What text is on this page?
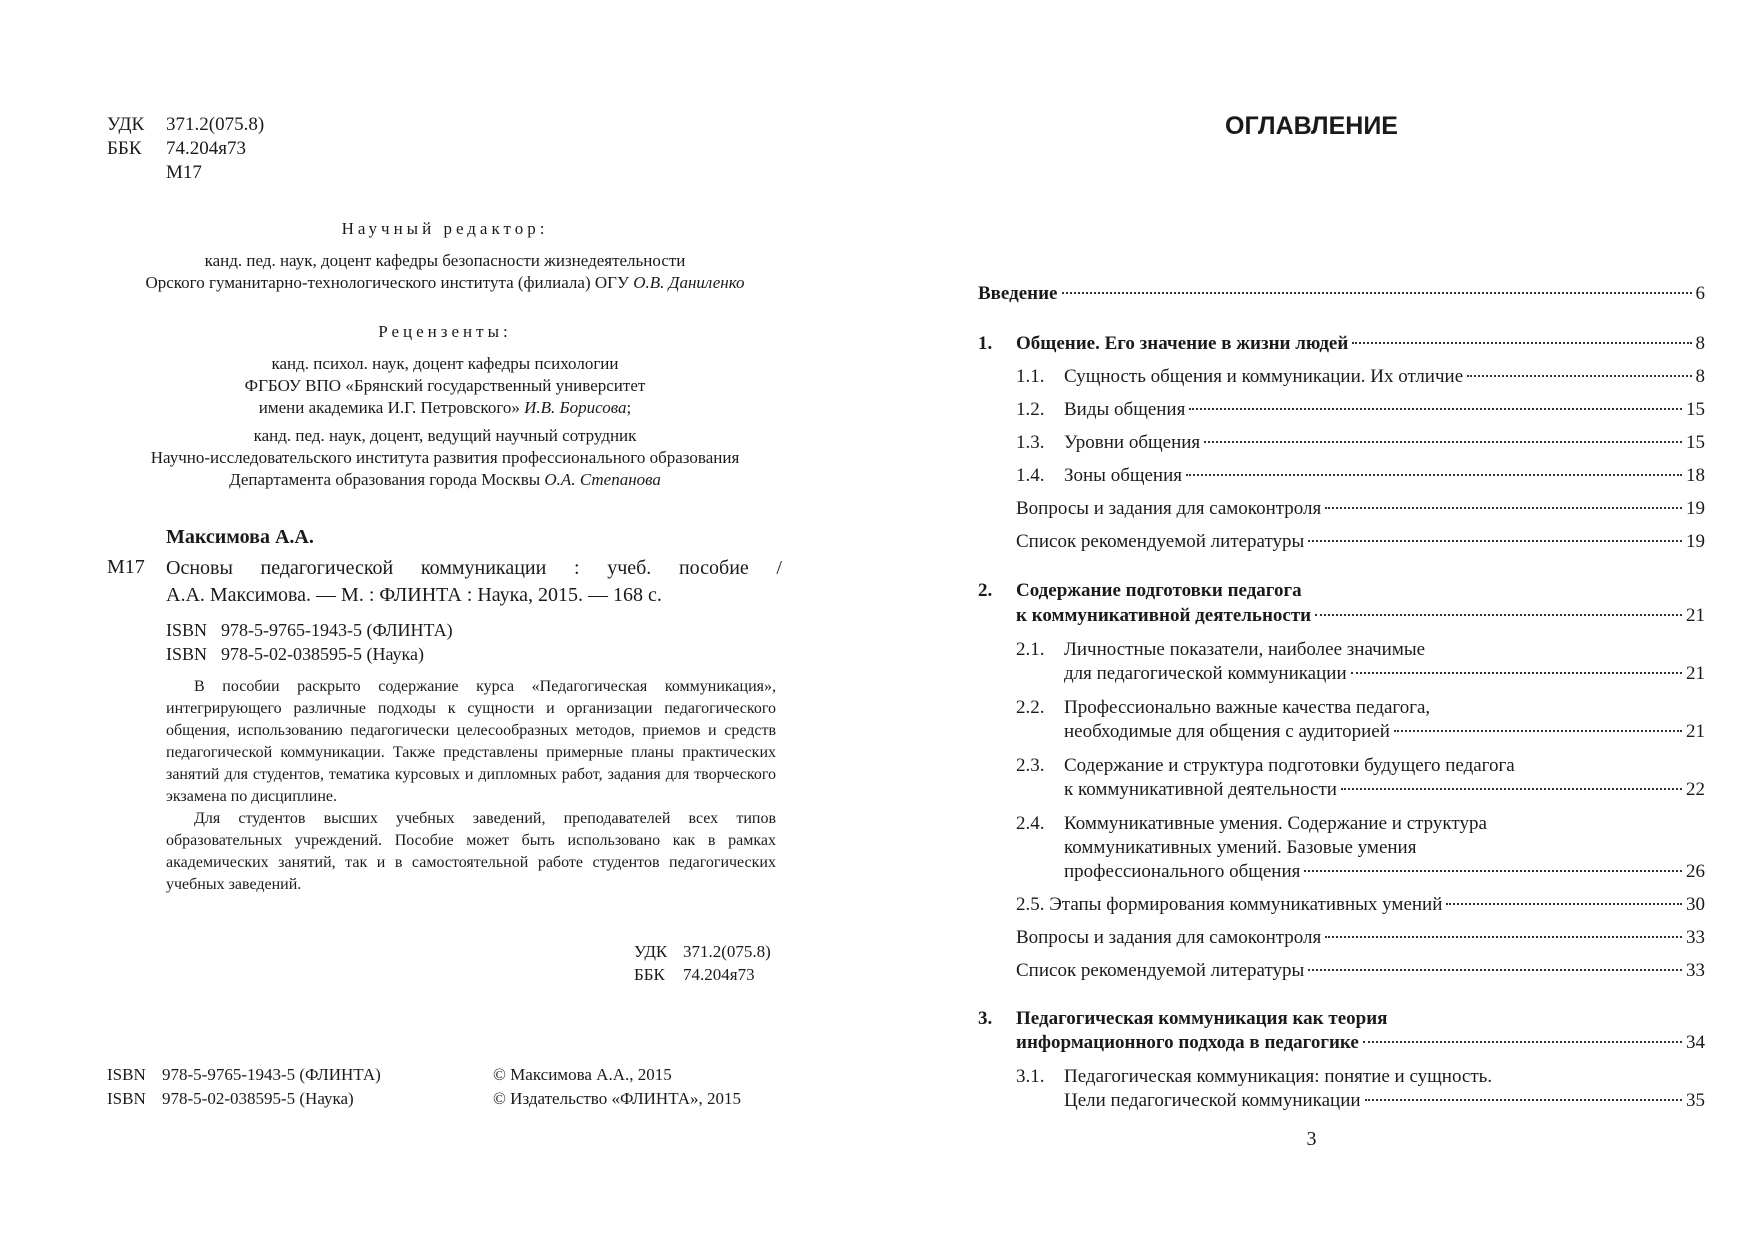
УДК	371.2(075.8)
ББК	74.204я73
М17
Научный редактор:
канд. пед. наук, доцент кафедры безопасности жизнедеятельности
Орского гуманитарно-технологического института (филиала) ОГУ О.В. Даниленко
Рецензенты:
канд. психол. наук, доцент кафедры психологии
ФГБОУ ВПО «Брянский государственный университет
имени академика И.Г. Петровского» И.В. Борисова;
канд. пед. наук, доцент, ведущий научный сотрудник
Научно-исследовательского института развития профессионального образования
Департамента образования города Москвы О.А. Степанова
Максимова А.А.
М17 Основы педагогической коммуникации : учеб. пособие /
А.А. Максимова. — М. : ФЛИНТА : Наука, 2015. — 168 с.
ISBN 978-5-9765-1943-5 (ФЛИНТА)
ISBN 978-5-02-038595-5 (Наука)

В пособии раскрыто содержание курса «Педагогическая коммуникация», интегрирующего различные подходы к сущности и организации педагогического общения, использованию педагогически целесообразных методов, приемов и средств педагогической коммуникации. Также представлены примерные планы практических занятий для студентов, тематика курсовых и дипломных работ, задания для творческого экзамена по дисциплине.

Для студентов высших учебных заведений, преподавателей всех типов образовательных учреждений. Пособие может быть использовано как в рамках академических занятий, так и в самостоятельной работе студентов педагогических учебных заведений.

УДК 371.2(075.8)
ББК 74.204я73
ISBN 978-5-9765-1943-5 (ФЛИНТА)
ISBN 978-5-02-038595-5 (Наука)
© Максимова А.А., 2015
© Издательство «ФЛИНТА», 2015
ОГЛАВЛЕНИЕ
Введение	6
1. Общение. Его значение в жизни людей	8
1.1. Сущность общения и коммуникации. Их отличие	8
1.2. Виды общения	15
1.3. Уровни общения	15
1.4. Зоны общения	18
Вопросы и задания для самоконтроля	19
Список рекомендуемой литературы	19
2. Содержание подготовки педагога
к коммуникативной деятельности	21
2.1. Личностные показатели, наиболее значимые
для педагогической коммуникации	21
2.2. Профессионально важные качества педагога,
необходимые для общения с аудиторией	21
2.3. Содержание и структура подготовки будущего педагога
к коммуникативной деятельности	22
2.4. Коммуникативные умения. Содержание и структура
коммуникативных умений. Базовые умения
профессионального общения	26
2.5. Этапы формирования коммуникативных умений	30
Вопросы и задания для самоконтроля	33
Список рекомендуемой литературы	33
3. Педагогическая коммуникация как теория
информационного подхода в педагогике	34
3.1. Педагогическая коммуникация: понятие и сущность.
Цели педагогической коммуникации	35
3
